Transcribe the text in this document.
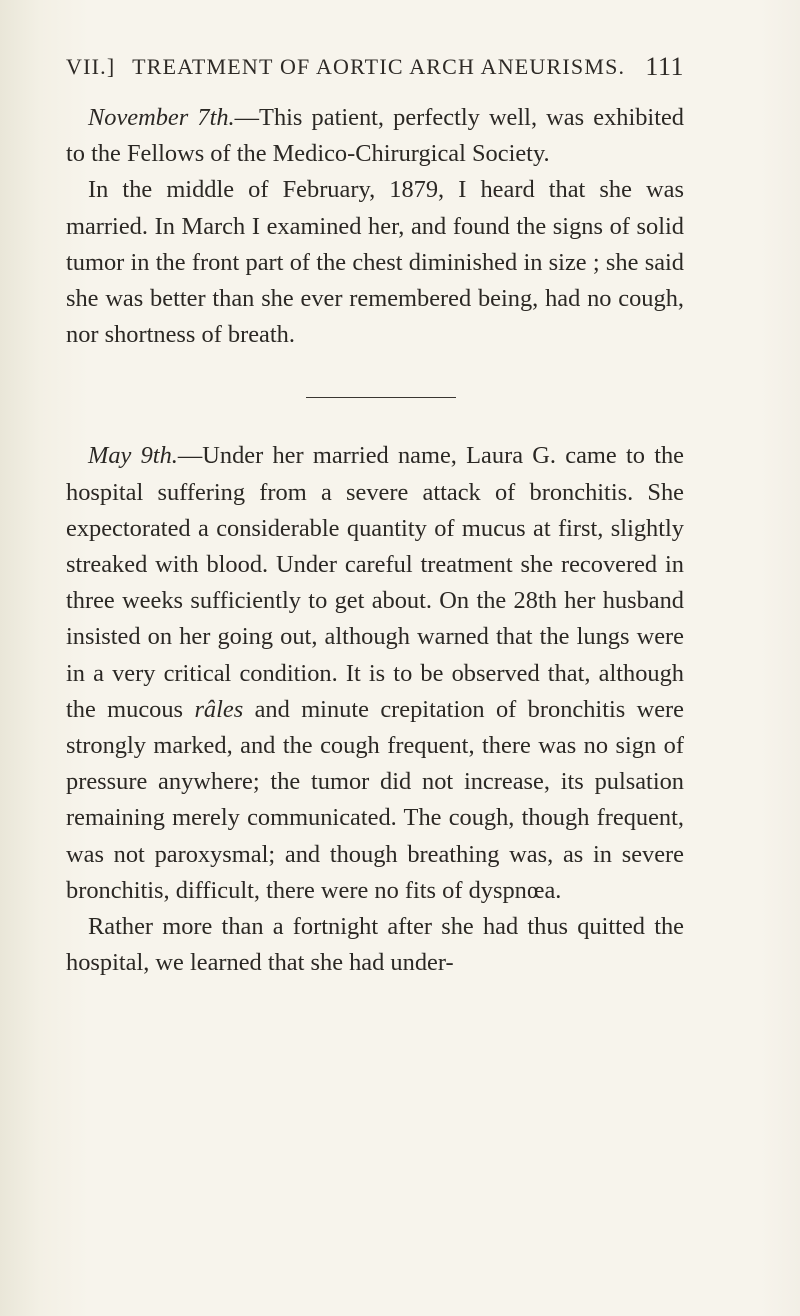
VII.] TREATMENT OF AORTIC ARCH ANEURISMS. 111

November 7th.—This patient, perfectly well, was exhibited to the Fellows of the Medico-Chirurgical Society.

In the middle of February, 1879, I heard that she was married. In March I examined her, and found the signs of solid tumor in the front part of the chest diminished in size ; she said she was better than she ever remembered being, had no cough, nor shortness of breath.

May 9th.—Under her married name, Laura G. came to the hospital suffering from a severe attack of bronchitis. She expectorated a considerable quantity of mucus at first, slightly streaked with blood. Under careful treatment she recovered in three weeks sufficiently to get about. On the 28th her husband insisted on her going out, although warned that the lungs were in a very critical condition. It is to be observed that, although the mucous râles and minute crepitation of bronchitis were strongly marked, and the cough frequent, there was no sign of pressure anywhere; the tumor did not increase, its pulsation remaining merely communicated. The cough, though frequent, was not paroxysmal; and though breathing was, as in severe bronchitis, difficult, there were no fits of dyspnœa.

Rather more than a fortnight after she had thus quitted the hospital, we learned that she had under-
